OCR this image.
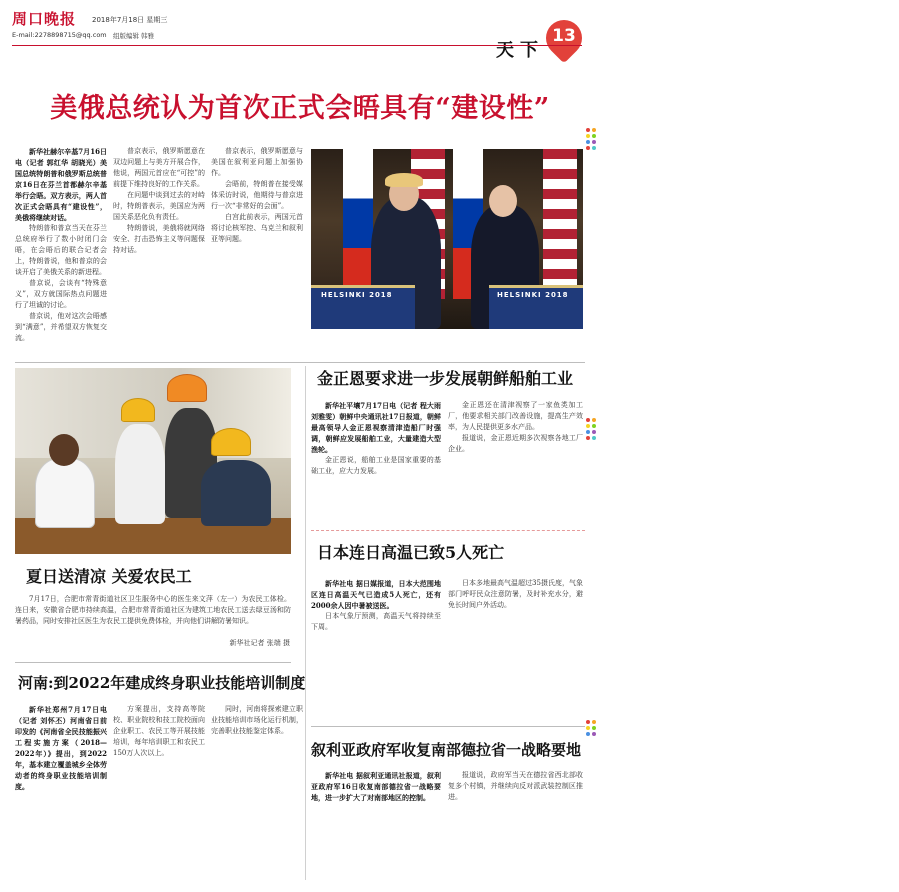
周口晚报 2018年7月18日 星期三
E-mail:2278898715@qq.com 组版编辑 韩雅
天下
13
美俄总统认为首次正式会晤具有“建设性”

新华社赫尔辛基7月16日电（记者 郭红华 胡晓光）美国总统特朗普和俄罗斯总统普京16日在芬兰首都赫尔辛基举行会晤。双方表示，两人首次正式会晤具有“建设性”，美俄将继续对话。

特朗普和普京当天在芬兰总统府举行了数小时闭门会晤，在会晤后的联合记者会上，特朗普说，他和普京的会谈开启了美俄关系的新进程。

普京说，会谈有“特殊意义”，双方就国际热点问题进行了坦诚的讨论。

普京说，他对这次会晤感到“满意”，并希望双方恢复交流。

普京表示，俄罗斯愿意在双边问题上与美方开展合作，他说，两国元首应在“可控”的前提下维持良好的工作关系。

在问题中谈到过去的对峙时，特朗普表示，美国应为两国关系恶化负有责任。

特朗普说，美俄将就网络安全、打击恐怖主义等问题保持对话。

普京表示，俄罗斯愿意与美国在叙利亚问题上加强协作。

会晤前，特朗普在接受媒体采访时说，他期待与普京进行一次“非常好的会面”。

白宫此前表示，两国元首将讨论核军控、乌克兰和叙利亚等问题。

HELSINKI 2018	HELSINKI 2018
这是2018年7月16日，在芬兰首都赫尔辛基，美国总统特朗普（左）和俄罗斯总统普京出席联合记者会时握手。
金正恩要求进一步发展朝鲜船舶工业

新华社平壤7月17日电（记者 程大雨 刘雅雯）朝鲜中央通讯社17日报道，朝鲜最高领导人金正恩视察清津造船厂时强调，朝鲜应发展船舶工业，大量建造大型渔轮。

金正恩说，船舶工业是国家重要的基础工业，应大力发展。

金正恩还在清津视察了一家鱼类加工厂，他要求相关部门改善设施，提高生产效率，为人民提供更多水产品。

报道说，金正恩近期多次视察各地工厂企业。

日本连日高温已致5人死亡

新华社电 据日媒报道，日本大范围地区连日高温天气已造成5人死亡，还有2000余人因中暑被送医。

日本气象厅预测，高温天气将持续至下周。

日本多地最高气温超过35摄氏度，气象部门呼吁民众注意防暑，及时补充水分，避免长时间户外活动。

叙利亚政府军收复南部德拉省一战略要地

新华社电 据叙利亚通讯社报道，叙利亚政府军16日收复南部德拉省一战略要地，进一步扩大了对南部地区的控制。

报道说，政府军当天在德拉省西北部收复多个村镇，并继续向反对派武装控制区推进。

夏日送清凉 关爱农民工

7月17日，合肥市常青街道社区卫生服务中心的医生来文萍（左一）为农民工体检。连日来，安徽省合肥市持续高温，合肥市常青街道社区为建筑工地农民工送去绿豆汤和防暑药品，同时安排社区医生为农民工提供免费体检，并向他们讲解防暑知识。

新华社记者 张端 摄
河南:到2022年建成终身职业技能培训制度

新华社郑州7月17日电（记者 刘怀丕）河南省日前印发的《河南省全民技能振兴工程实施方案（2018—2022年）》提出，到2022年，基本建立覆盖城乡全体劳动者的终身职业技能培训制度。

方案提出，支持高等院校、职业院校和技工院校面向企业职工、农民工等开展技能培训，每年培训职工和农民工150万人次以上。

同时，河南将探索建立职业技能培训市场化运行机制，完善职业技能鉴定体系。
